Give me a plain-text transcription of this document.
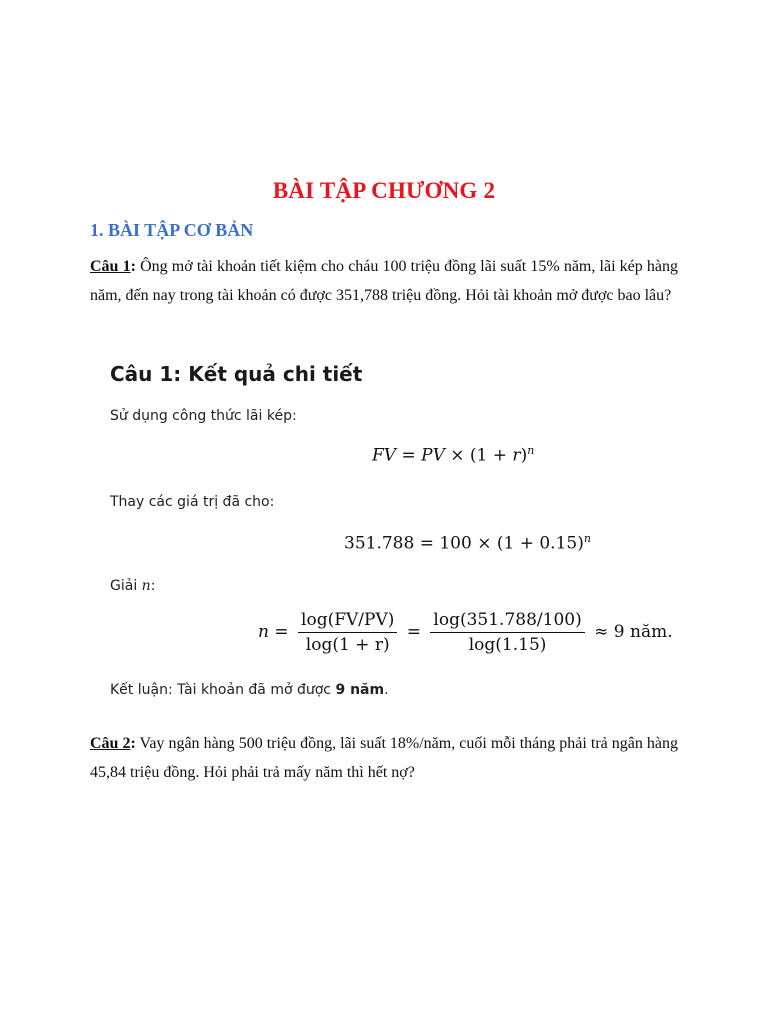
BÀI TẬP CHƯƠNG 2
1. BÀI TẬP CƠ BẢN

Câu 1: Ông mở tài khoản tiết kiệm cho cháu 100 triệu đồng lãi suất 15% năm, lãi kép hàng năm, đến nay trong tài khoản có được 351,788 triệu đồng. Hỏi tài khoản mở được bao lâu?

Câu 1: Kết quả chi tiết

Sử dụng công thức lãi kép:

FV = PV × $(1 + r)^n$

Thay các giá trị đã cho:

$351.788 = 100 \times (1 + 0.15)^n$

Giải n:

$n = \frac{\log(FV/PV)}{\log(1 + r)} = \frac{\log(351.788/100)}{\log(1.15)} \approx 9$ năm.

Kết luận: Tài khoản đã mở được 9 năm.

Câu 2: Vay ngân hàng 500 triệu đồng, lãi suất 18%/năm, cuối mỗi tháng phải trả ngân hàng 45,84 triệu đồng. Hỏi phải trả mấy năm thì hết nợ?
